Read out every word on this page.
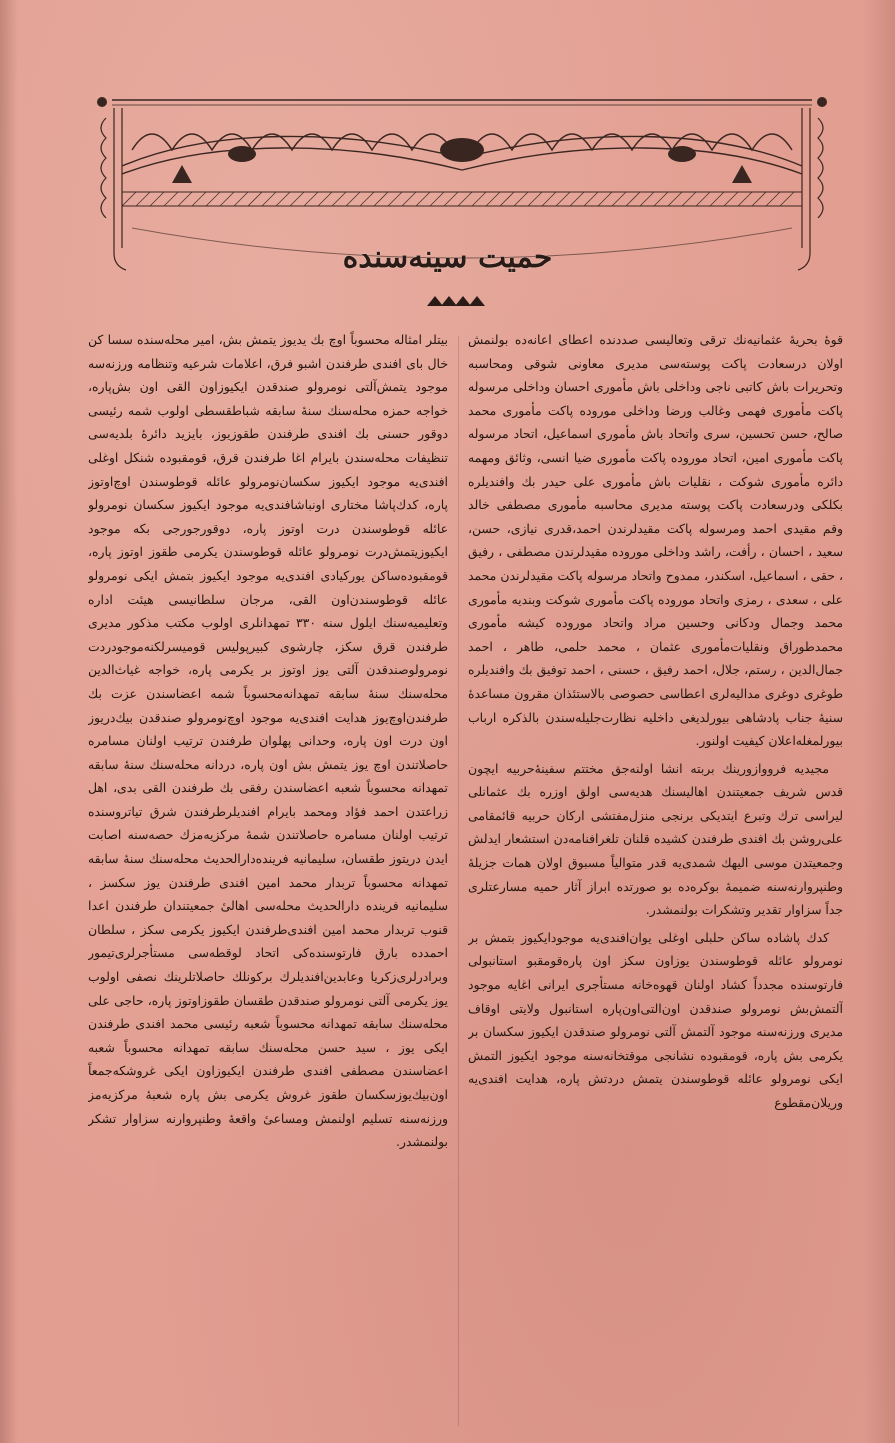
حمیت سینه‌سنده

قوهٔ بحریهٔ عثمانیه‌نك ترقی وتعالیسی صددنده اعطای اعانه‌ده بولنمش اولان درسعادت پاکت پوسته‌سی مدیری معاونی شوقی ومحاسبه وتحریرات باش کاتبی ناجی وداخلی باش مأموری احسان وداخلی مرسوله پاکت مأموری فهمی وغالب ورضا وداخلی موروده پاکت مأموری محمد صالح، حسن تحسین، سری واتحاد باش مأموری اسماعیل، اتحاد مرسوله پاکت مأموری امین، اتحاد موروده پاکت مأموری ضیا انسی، وثائق ومهمه دائره مأموری شوکت ، نقلیات باش مأموری علی حیدر بك وافندیلره بکلکی ودرسعادت پاکت پوسته مدیری محاسبه مأموری مصطفی خالد وقم مقیدی احمد ومرسوله پاکت مقیدلرندن احمد،قدری نیازی، حسن، سعید ، احسان ، رأفت، راشد وداخلی موروده مقیدلرندن مصطفی ، رفیق ، حقی ، اسماعیل، اسکندر، ممدوح واتحاد مرسوله پاکت مقیدلرندن محمد علی ، سعدی ، رمزی واتحاد موروده پاکت مأموری شوکت وبندیه مأموری محمد وجمال ودکانی وحسین مراد واتحاد موروده کیشه مأموری محمد‌طوراق ونقلیات‌مأموری عثمان ، محمد حلمی، طاهر ، احمد جمال‌الدین ، رستم، جلال، احمد رفیق ، حسنی ، احمد توفیق بك وافندیلره طوغری دوغری مدالیه‌لری اعطاسی حصوصی بالاستئذان مقرون مساعدهٔ سنیهٔ جناب پادشاهی بیورلدیغی داخلیه نظارت‌جلیله‌سندن بالذکره ارباب بیورلمغله‌اعلان کیفیت اولنور.

مجیدیه فرووازورینك بربته انشا اولنه‌جق مختتم سفینهٔ‌حربیه ایچون قدس شریف جمعیتندن اهالیسنك هدیه‌سی اولق اوزره بك عثمانلی لیراسی ترك وتبرع ایتدیکی برنجی منزل‌مفتشی ارکان حربیه قائمقامی علی‌روشن بك افندی طرفندن کشیده قلنان تلغرافنامه‌دن استشعار ایدلش وجمعیتدن موسی الیهك شمدی‌یه قدر متوالیاً مسبوق اولان همات جزیلهٔ وطنپروارنه‌سنه ضمیمهٔ بوکره‌ده بو صورتده ابراز آثار حمیه مسارعتلری جداً سزاوار تقدیر وتشکرات بولنمشدر.

کدك پاشاده ساکن حلبلی اوغلی یوان‌افندی‌یه موجودایکیوز بتمش بر نومرولو عائله قوطوسندن یوزاون سکز اون پاره‌قومقبو استانبولی فارتوسنده مجدداً کشاد اولنان قهوه‌خانه مستأجری ایرانی اغایه موجود آلتمش‌بش نومرولو صندقدن اون‌التی‌اون‌پاره استانبول ولایتی اوقاف مدیری ورزنه‌سنه موجود آلتمش آلتی نومرولو صندقدن ایکیوز سکسان بر یکرمی بش پاره، قومقبوده نشانجی موقتخانه‌سنه موجود ایکیوز التمش ایکی نومرولو عائله قوطوسندن یتمش دردتش پاره، هدایت افندی‌یه وریلان‌مقطوع

بیتلر امثاله محسوباً اوچ بك یدیوز یتمش بش، امیر محله‌سنده سسا کن خال بای افندی طرفندن اشبو فرق، اعلامات شرعیه وتنظامه ورزنه‌سه موجود یتمش‌آلتی نومرولو صندقدن ایکیوزاون القی اون بش‌پاره، خواجه حمزه محله‌سنك سنهٔ سابقه شباطقسطی اولوب شمه رئیسی دوقور حسنی بك افندی طرفندن طقوزیوز، بایزید دائرهٔ بلدیه‌سی تنظیفات محله‌سندن بایرام اغا طرفندن قرق، قومقبوده شنکل اوغلی افندی‌یه موجود ایکیوز سکسان‌نومرولو عائله قوطوسندن اوچ‌اوتوز پاره، کدك‌پاشا مختاری اونباشافندی‌یه موجود ایکیوز سکسان نومرولو عائله قوطوسندن درت اوتوز پاره، دوقورجورجی بکه موجود ایکیوزیتمش‌درت نومرولو عائله قوطوسندن یکرمی طقوز اوتوز پاره، قومقبوده‌ساکن یورکیادی افندی‌یه موجود ایکیوز بتمش ایکی نومرولو عائله قوطوسندن‌اون القی، مرجان سلطانیسی هیئت اداره وتعلیمیه‌سنك ایلول سنه ۳۳۰ تمهدانلری اولوب مکتب مذکور مدیری طرفندن قرق سکز، چارشوی کبیرپولیس قومیسرلکنه‌موجودردت نومرولوصندقدن آلتی یوز اوتوز بر یکرمی پاره، خواجه غیاث‌الدین محله‌سنك سنهٔ سابقه تمهدانه‌محسوباً شمه اعضاسندن عزت بك طرفندن‌اوچ‌یوز هدایت افندی‌یه موجود اوچ‌نومرولو صندقدن بیك‌دریوز اون درت اون پاره، وحدانی پهلوان طرفندن ترتیب اولنان مسامره حاصلاتندن اوچ یوز یتمش بش اون پاره، دردانه محله‌سنك سنهٔ سابقه تمهدانه محسوباً شعبه اعضاسندن رفقی بك طرفندن القی بدی، اهل زراعتدن احمد فؤاد ومحمد بایرام افندیلرطرفندن شرق تیاتروسنده ترتیب اولنان مسامره حاصلاتندن شمهٔ مرکزیه‌مزك حصه‌سنه اصابت ایدن دریتوز طقسان، سلیمانیه فرینده‌دارالحدیث محله‌سنك سنهٔ سابقه تمهدانه محسوباً تربدار محمد امین افندی طرفندن یوز سکسز ، سلیمانیه فرینده دارالحدیث محله‌سی اهالیٔ جمعیتندان طرفندن اعدا قنوب تربدار محمد امین افندی‌طرفندن ایکیوز یکرمی سکز ، سلطان احمدده بارق فارتوسنده‌کی اتحاد لوقطه‌سی مستأجرلری‌تیمور وبرادرلری‌زکریا وعابدین‌افندیلرك برکونلك حاصلاتلرینك نصفی اولوب یوز یکرمی آلتی نومرولو صندقدن طقسان طقوز‌اوتوز پاره، حاجی علی محله‌سنك سابقه تمهدانه محسوباً شعبه رئیسی محمد افندی طرفندن ایکی یوز ، سید حسن محله‌سنك سابقه تمهدانه محسوباً شعبه اعضاسندن مصطفی افندی طرفندن ایکیوزاون ایکی غروشکه‌جمعاً اون‌بیك‌یوزسکسان طقوز غروش یکرمی بش پاره شعبهٔ مرکزیه‌مز ورزنه‌سنه تسلیم اولنمش ومساعیٔ واقعهٔ وطنپروارنه سزاوار تشکر بولنمشدر.
